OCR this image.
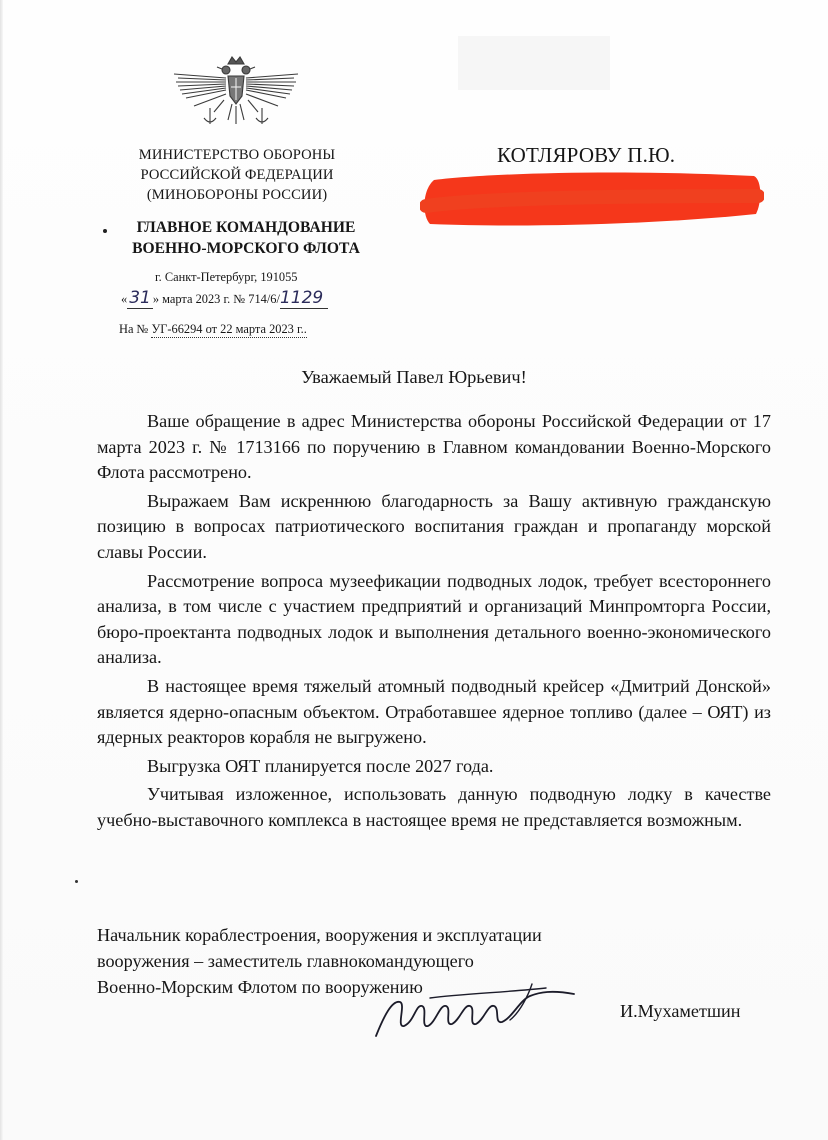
МИНИСТЕРСТВО ОБОРОНЫ
РОССИЙСКОЙ ФЕДЕРАЦИИ
(МИНОБОРОНЫ РОССИИ)
ГЛАВНОЕ КОМАНДОВАНИЕ
ВОЕННО-МОРСКОГО ФЛОТА
г. Санкт-Петербург, 191055
« 31 » марта 2023 г. № 714/6/1129
На № УГ-66294 от 22 марта 2023 г..
КОТЛЯРОВУ П.Ю.
Уважаемый Павел Юрьевич!

Ваше обращение в адрес Министерства обороны Российской Федерации от 17 марта 2023 г. № 1713166 по поручению в Главном командовании Военно-Морского Флота рассмотрено.

Выражаем Вам искреннюю благодарность за Вашу активную гражданскую позицию в вопросах патриотического воспитания граждан и пропаганду морской славы России.

Рассмотрение вопроса музеефикации подводных лодок, требует всестороннего анализа, в том числе с участием предприятий и организаций Минпромторга России, бюро-проектанта подводных лодок и выполнения детального военно-экономического анализа.

В настоящее время тяжелый атомный подводный крейсер «Дмитрий Донской» является ядерно-опасным объектом. Отработавшее ядерное топливо (далее – ОЯТ) из ядерных реакторов корабля не выгружено.

Выгрузка ОЯТ планируется после 2027 года.

Учитывая изложенное, использовать данную подводную лодку в качестве учебно-выставочного комплекса в настоящее время не представляется возможным.

Начальник кораблестроения, вооружения и эксплуатации
вооружения – заместитель главнокомандующего
Военно-Морским Флотом по вооружению
И.Мухаметшин
